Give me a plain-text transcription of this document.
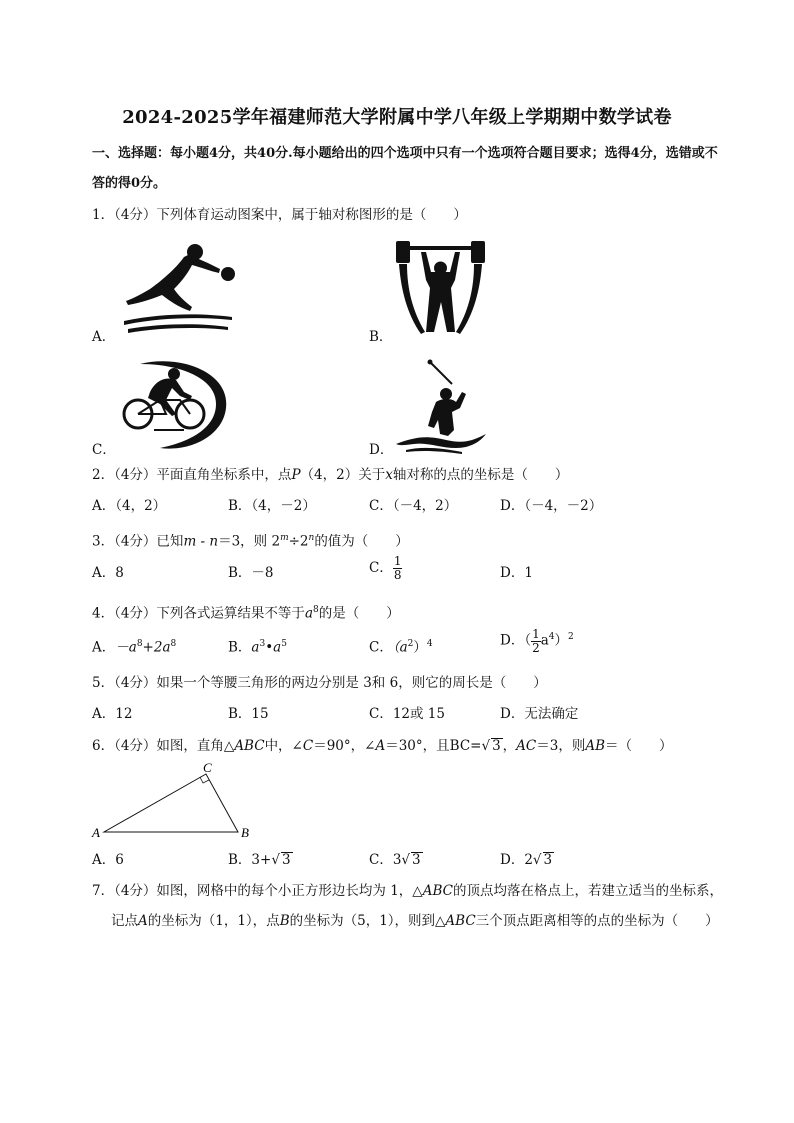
2024-2025学年福建师范大学附属中学八年级上学期期中数学试卷
一、选择题：每小题4分，共40分.每小题给出的四个选项中只有一个选项符合题目要求；选得4分，选错或不答的得0分。
1．（4分）下列体育运动图案中，属于轴对称图形的是（　　）
A．	B．
C．	D．
2．（4分）平面直角坐标系中，点P（4，2）关于x轴对称的点的坐标是（　　）
A．（4，2）	B．（4，－2）	C．（－4，2）	D．（－4，－2）
3．（4分）已知m - n＝3，则 $2^m\div 2^n$的值为（　　）
A．8	B．－8	C． $\frac{1}{8}$	D．1
4．（4分）下列各式运算结果不等于$a^8$的是（　　）
A．$-a^8+2a^8$	B．$a^3•a^5$	C．$(a^2)^4$	D．（ $\frac{1}{2} a^4)^2$
5．（4分）如果一个等腰三角形的两边分别是 3和 6，则它的周长是（　　）
A．12	B．15	C．12或 15	D．无法确定
6．（4分）如图，直角△ABC中，∠C＝90°，∠A＝30°，且BC=√ 3 ，AC＝3，则AB＝（　　）
A	B
C
A．6	B．3+√ 3	C．3√ 3	D．2√ 3
7．（4分）如图，网格中的每个小正方形边长均为 1，△ABC的顶点均落在格点上，若建立适当的坐标系，
记点A的坐标为（1，1），点B的坐标为（5，1），则到△ABC三个顶点距离相等的点的坐标为（　　）
